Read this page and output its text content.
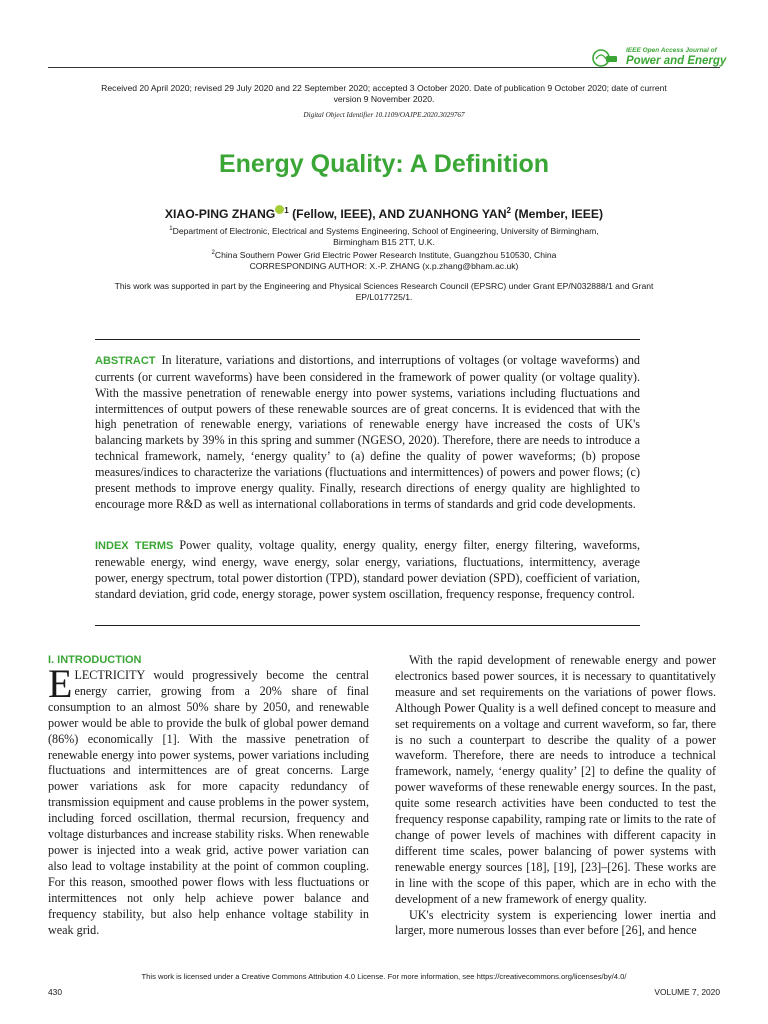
IEEE Open Access Journal of
Power and Energy
Received 20 April 2020; revised 29 July 2020 and 22 September 2020; accepted 3 October 2020. Date of publication 9 October 2020; date of current version 9 November 2020.
Digital Object Identifier 10.1109/OAJPE.2020.3029767
Energy Quality: A Definition
XIAO-PING ZHANG $^1$ (Fellow, IEEE), AND ZUANHONG YAN$^2$ (Member, IEEE)
$^1$Department of Electronic, Electrical and Systems Engineering, School of Engineering, University of Birmingham,
Birmingham B15 2TT, U.K.
$^2$China Southern Power Grid Electric Power Research Institute, Guangzhou 510530, China
CORRESPONDING AUTHOR: X.-P. ZHANG (x.p.zhang@bham.ac.uk)
This work was supported in part by the Engineering and Physical Sciences Research Council (EPSRC) under Grant EP/N032888/1 and Grant EP/L017725/1.
ABSTRACT In literature, variations and distortions, and interruptions of voltages (or voltage waveforms) and currents (or current waveforms) have been considered in the framework of power quality (or voltage quality). With the massive penetration of renewable energy into power systems, variations including fluctuations and intermittences of output powers of these renewable sources are of great concerns. It is evidenced that with the high penetration of renewable energy, variations of renewable energy have increased the costs of UK's balancing markets by 39% in this spring and summer (NGESO, 2020). Therefore, there are needs to introduce a technical framework, namely, ‘energy quality’ to (a) define the quality of power waveforms; (b) propose measures/indices to characterize the variations (fluctuations and intermittences) of powers and power flows; (c) present methods to improve energy quality. Finally, research directions of energy quality are highlighted to encourage more R&D as well as international collaborations in terms of standards and grid code developments.
INDEX TERMS Power quality, voltage quality, energy quality, energy filter, energy filtering, waveforms, renewable energy, wind energy, wave energy, solar energy, variations, fluctuations, intermittency, average power, energy spectrum, total power distortion (TPD), standard power deviation (SPD), coefficient of variation, standard deviation, grid code, energy storage, power system oscillation, frequency response, frequency control.
I. INTRODUCTION
ELECTRICITY would progressively become the central energy carrier, growing from a 20% share of final consumption to an almost 50% share by 2050, and renewable power would be able to provide the bulk of global power demand (86%) economically [1]. With the massive penetration of renewable energy into power systems, power variations including fluctuations and intermittences are of great concerns. Large power variations ask for more capacity redundancy of transmission equipment and cause problems in the power system, including forced oscillation, thermal recursion, frequency and voltage disturbances and increase stability risks. When renewable power is injected into a weak grid, active power variation can also lead to voltage instability at the point of common coupling. For this reason, smoothed power flows with less fluctuations or intermittences not only help achieve power balance and frequency stability, but also help enhance voltage stability in weak grid.
With the rapid development of renewable energy and power electronics based power sources, it is necessary to quantitatively measure and set requirements on the variations of power flows. Although Power Quality is a well defined concept to measure and set requirements on a voltage and current waveform, so far, there is no such a counterpart to describe the quality of a power waveform. Therefore, there are needs to introduce a technical framework, namely, ‘energy quality’ [2] to define the quality of power waveforms of these renewable energy sources. In the past, quite some research activities have been conducted to test the frequency response capability, ramping rate or limits to the rate of change of power levels of machines with different capacity in different time scales, power balancing of power systems with renewable energy sources [18], [19], [23]–[26]. These works are in line with the scope of this paper, which are in echo with the development of a new framework of energy quality.
UK's electricity system is experiencing lower inertia and larger, more numerous losses than ever before [26], and hence
This work is licensed under a Creative Commons Attribution 4.0 License. For more information, see https://creativecommons.org/licenses/by/4.0/
430	VOLUME 7, 2020
